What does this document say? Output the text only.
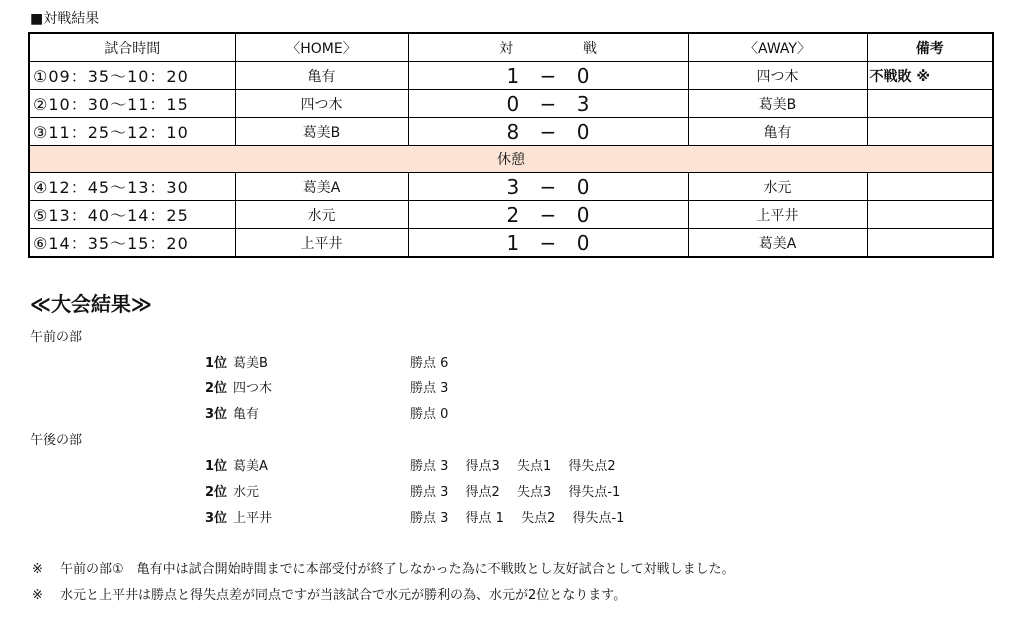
■対戦結果
試合時間	〈HOME〉	対　　　　　戦	〈AWAY〉	備考
①09：35～10：20	亀有	1 − 0	四つ木	不戦敗 ※
②10：30～11：15	四つ木	0 − 3	葛美B	
③11：25～12：10	葛美B	8 − 0	亀有	
休憩				
④12：45～13：30	葛美A	3 − 0	水元	
⑤13：40～14：25	水元	2 − 0	上平井	
⑥14：35～15：20	上平井	1 − 0	葛美A	
≪大会結果≫
午前の部
1位 葛美B	勝点 6
2位 四つ木	勝点 3
3位 亀有	勝点 0
午後の部
1位 葛美A	勝点 3　 得点3　 失点1　 得失点2
2位 水元	勝点 3　 得点2　 失点3　 得失点-1
3位 上平井	勝点 3　 得点 1　 失点2　 得失点-1
※　 午前の部①　亀有中は試合開始時間までに本部受付が終了しなかった為に不戦敗とし友好試合として対戦しました。
※　 水元と上平井は勝点と得失点差が同点ですが当該試合で水元が勝利の為、水元が2位となります。
